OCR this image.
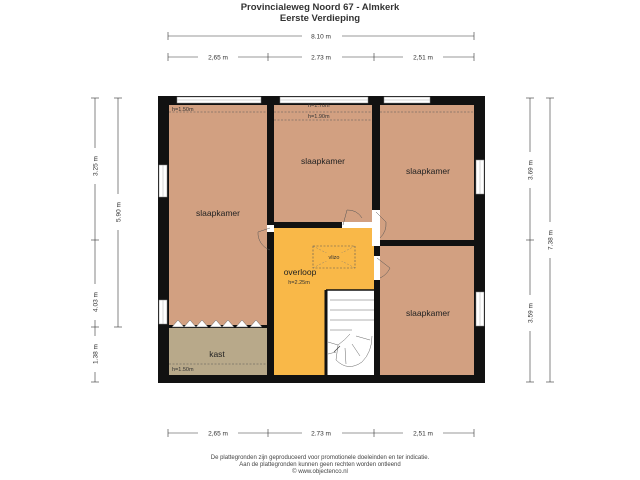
Provincialeweg Noord 67 - Almkerk
Eerste Verdieping
8.10 m
2,65 m	2.73 m	2,51 m
2,65 m	2.73 m	2,51 m
3.25 m
4.03 m
1.38 m
5.90 m
3.69 m
3.59 m
7.38 m
vlizo
slaapkamer
slaapkamer
slaapkamer
slaapkamer
overloop
h=2.25m
kast
h=1.50m
h=1.70m
h=1.90m
h=1.50m
De plattegronden zijn geproduceerd voor promotionele doeleinden en ter indicatie.
Aan de plattegronden kunnen geen rechten worden ontleend
© www.objectenco.nl
